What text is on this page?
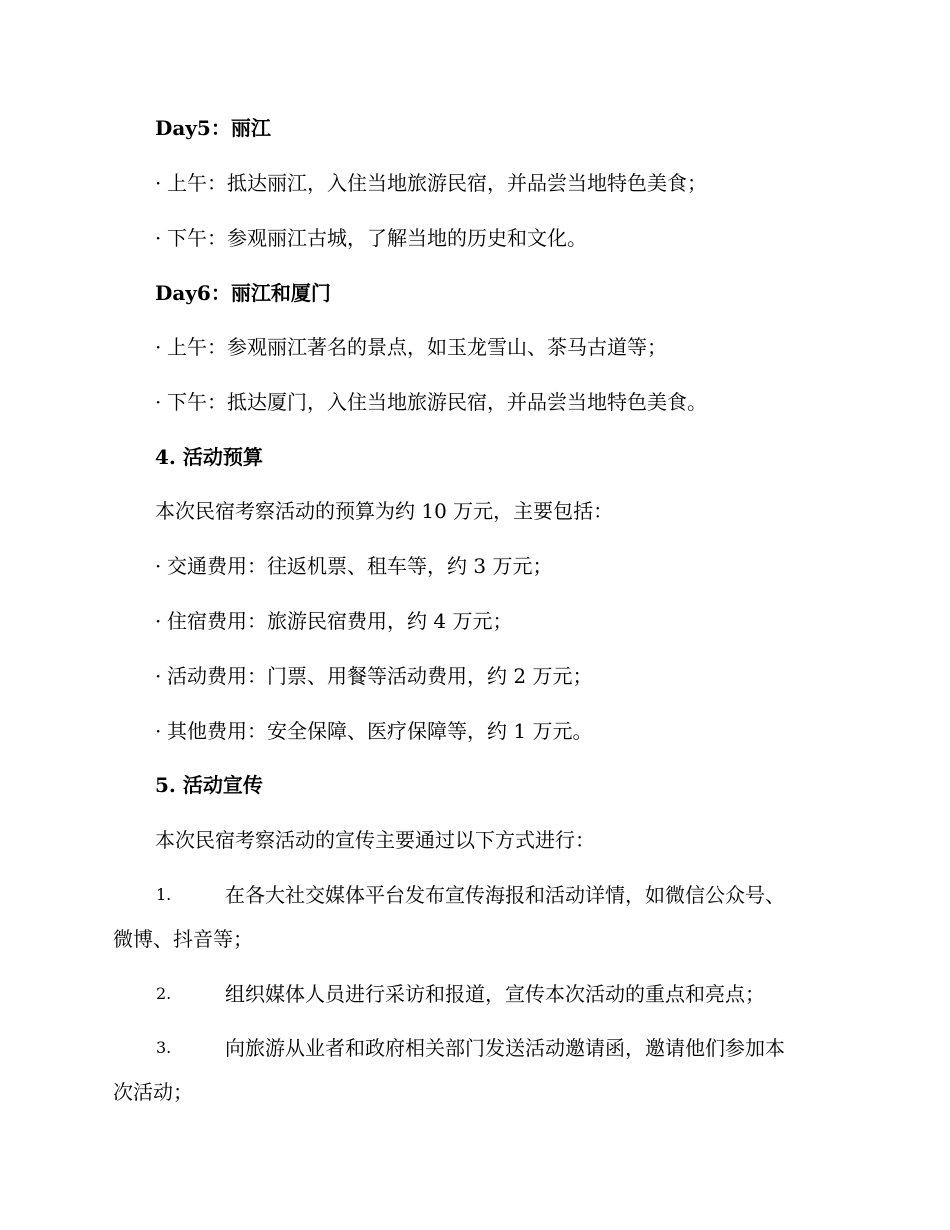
Day5：丽江
· 上午：抵达丽江，入住当地旅游民宿，并品尝当地特色美食；
· 下午：参观丽江古城，了解当地的历史和文化。
Day6：丽江和厦门
· 上午：参观丽江著名的景点，如玉龙雪山、茶马古道等；
· 下午：抵达厦门，入住当地旅游民宿，并品尝当地特色美食。
4. 活动预算
本次民宿考察活动的预算为约 10 万元，主要包括：
· 交通费用：往返机票、租车等，约 3 万元；
· 住宿费用：旅游民宿费用，约 4 万元；
· 活动费用：门票、用餐等活动费用，约 2 万元；
· 其他费用：安全保障、医疗保障等，约 1 万元。
5. 活动宣传
本次民宿考察活动的宣传主要通过以下方式进行：
1.	在各大社交媒体平台发布宣传海报和活动详情，如微信公众号、
微博、抖音等；
2.	组织媒体人员进行采访和报道，宣传本次活动的重点和亮点；
3.	向旅游从业者和政府相关部门发送活动邀请函，邀请他们参加本
次活动；
